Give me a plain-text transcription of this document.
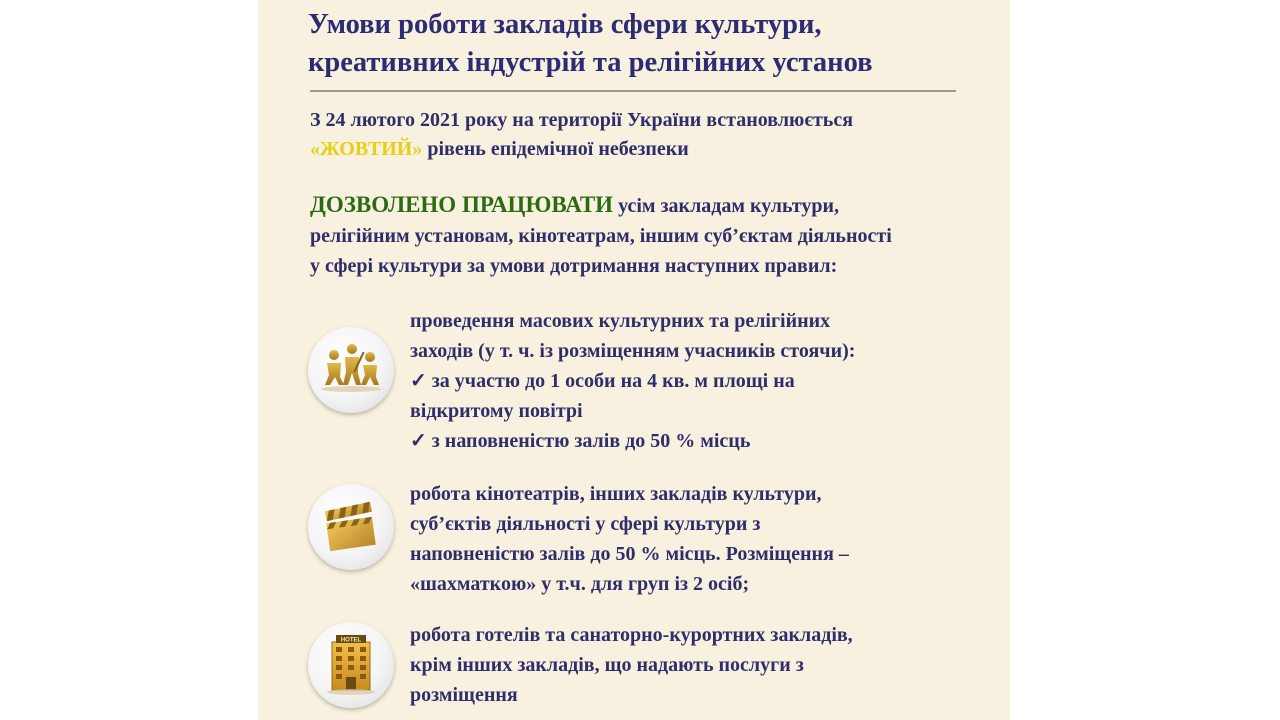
Умови роботи закладів сфери культури,
креативних індустрій та релігійних установ
З 24 лютого 2021 року на території України встановлюється
«ЖОВТИЙ» рівень епідемічної небезпеки
ДОЗВОЛЕНО ПРАЦЮВАТИ усім закладам культури,
релігійним установам, кінотеатрам, іншим суб’єктам діяльності
у сфері культури за умови дотримання наступних правил:
проведення масових культурних та релігійних
заходів (у т. ч. із розміщенням учасників стоячи):
✓ за участю до 1 особи на 4 кв. м площі на
відкритому повітрі
✓ з наповненістю залів до 50 % місць
робота кінотеатрів, інших закладів культури,
суб’єктів діяльності у сфері культури з
наповненістю залів до 50 % місць. Розміщення –
«шахматкою» у т.ч. для груп із 2 осіб;
HOTEL робота готелів та санаторно-курортних закладів,
крім інших закладів, що надають послуги з
розміщення
